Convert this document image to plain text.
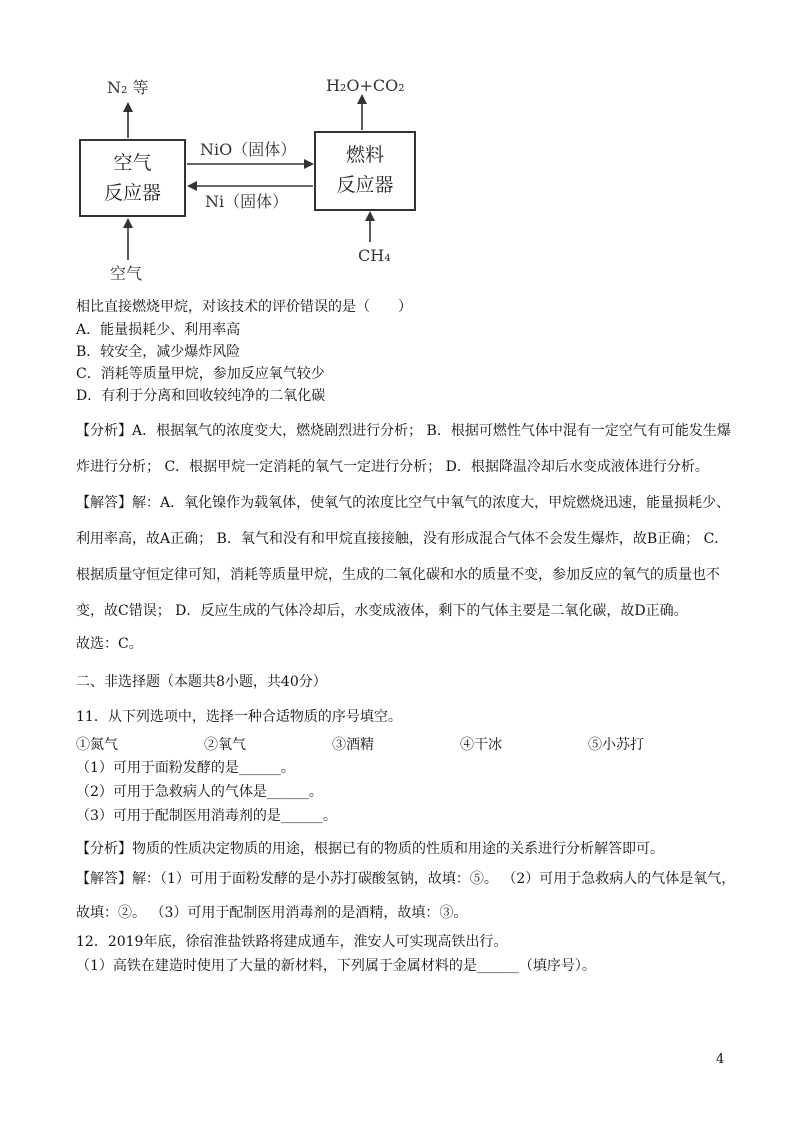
空气
反应器
燃料
反应器
NiO（固体）
Ni（固体）
N₂ 等	H₂O+CO₂
空气
CH₄
相比直接燃烧甲烷，对该技术的评价错误的是（　　）
A．能量损耗少、利用率高
B．较安全，减少爆炸风险
C．消耗等质量甲烷，参加反应氧气较少
D．有利于分离和回收较纯净的二氧化碳
【分析】A．根据氧气的浓度变大，燃烧剧烈进行分析； B．根据可燃性气体中混有一定空气有可能发生爆炸进行分析； C．根据甲烷一定消耗的氧气一定进行分析； D．根据降温冷却后水变成液体进行分析。
【解答】解：A．氧化镍作为载氧体，使氧气的浓度比空气中氧气的浓度大，甲烷燃烧迅速，能量损耗少、利用率高，故A正确； B．氧气和没有和甲烷直接接触，没有形成混合气体不会发生爆炸，故B正确； C．根据质量守恒定律可知，消耗等质量甲烷，生成的二氧化碳和水的质量不变，参加反应的氧气的质量也不变，故C错误； D．反应生成的气体冷却后，水变成液体，剩下的气体主要是二氧化碳，故D正确。
故选：C。
二、非选择题（本题共8小题，共40分）
11．从下列选项中，选择一种合适物质的序号填空。
①氮气	②氧气	③酒精	④干冰	⑤小苏打
（1）可用于面粉发酵的是______。
（2）可用于急救病人的气体是______。
（3）可用于配制医用消毒剂的是______。
【分析】物质的性质决定物质的用途，根据已有的物质的性质和用途的关系进行分析解答即可。
【解答】解：（1）可用于面粉发酵的是小苏打碳酸氢钠，故填：⑤。 （2）可用于急救病人的气体是氧气，故填：②。 （3）可用于配制医用消毒剂的是酒精，故填：③。
12．2019年底，徐宿淮盐铁路将建成通车，淮安人可实现高铁出行。
（1）高铁在建造时使用了大量的新材料，下列属于金属材料的是______（填序号）。
4
